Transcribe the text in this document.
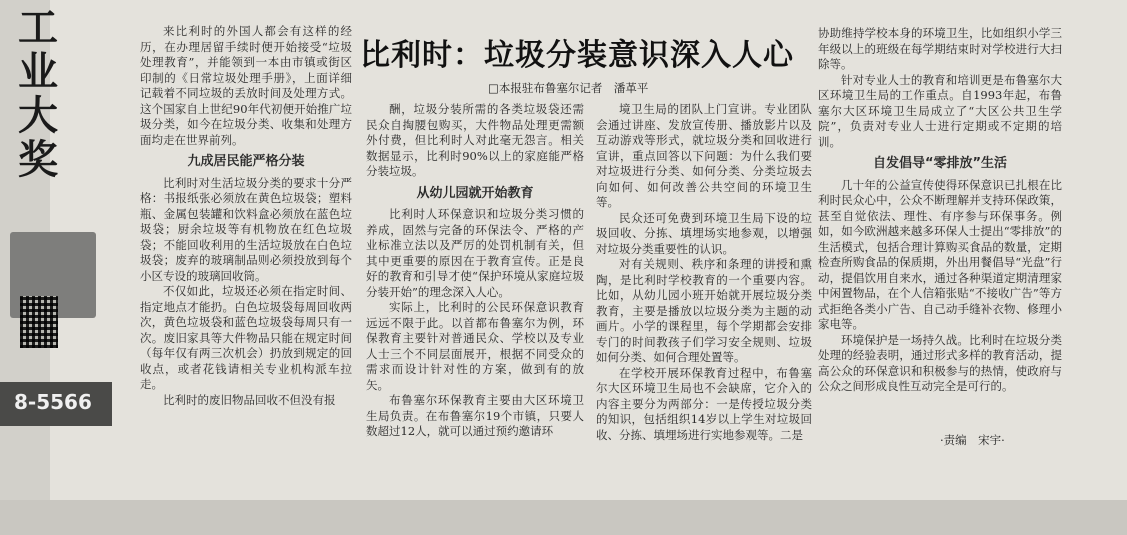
工业大奖
8-5566
比利时：垃圾分装意识深入人心
□本报驻布鲁塞尔记者　潘革平

来比利时的外国人都会有这样的经历，在办理居留手续时便开始接受“垃圾处理教育”，并能领到一本由市镇或街区印制的《日常垃圾处理手册》，上面详细记载着不同垃圾的丢放时间及处理方式。这个国家自上世纪90年代初便开始推广垃圾分类，如今在垃圾分类、收集和处理方面均走在世界前列。

九成居民能严格分装

比利时对生活垃圾分类的要求十分严格：书报纸张必须放在黄色垃圾袋；塑料瓶、金属包装罐和饮料盒必须放在蓝色垃圾袋；厨余垃圾等有机物放在红色垃圾袋；不能回收利用的生活垃圾放在白色垃圾袋；废弃的玻璃制品则必须投放到每个小区专设的玻璃回收筒。

不仅如此，垃圾还必须在指定时间、指定地点才能扔。白色垃圾袋每周回收两次，黄色垃圾袋和蓝色垃圾袋每周只有一次。废旧家具等大件物品只能在规定时间（每年仅有两三次机会）扔放到规定的回收点，或者花钱请相关专业机构派车拉走。

比利时的废旧物品回收不但没有报

酬，垃圾分装所需的各类垃圾袋还需民众自掏腰包购买，大件物品处理更需额外付费，但比利时人对此毫无怨言。相关数据显示，比利时90%以上的家庭能严格分装垃圾。

从幼儿园就开始教育

比利时人环保意识和垃圾分类习惯的养成，固然与完备的环保法令、严格的产业标准立法以及严厉的处罚机制有关，但其中更重要的原因在于教育宣传。正是良好的教育和引导才使“保护环境从家庭垃圾分装开始”的理念深入人心。

实际上，比利时的公民环保意识教育远远不限于此。以首都布鲁塞尔为例，环保教育主要针对普通民众、学校以及专业人士三个不同层面展开，根据不同受众的需求而设计针对性的方案，做到有的放矢。

布鲁塞尔环保教育主要由大区环境卫生局负责。在布鲁塞尔19个市镇，只要人数超过12人，就可以通过预约邀请环

境卫生局的团队上门宣讲。专业团队会通过讲座、发放宣传册、播放影片以及互动游戏等形式，就垃圾分类和回收进行宣讲，重点回答以下问题：为什么我们要对垃圾进行分类、如何分类、分类垃圾去向如何、如何改善公共空间的环境卫生等。

民众还可免费到环境卫生局下设的垃圾回收、分拣、填埋场实地参观，以增强对垃圾分类重要性的认识。

对有关规则、秩序和条理的讲授和熏陶，是比利时学校教育的一个重要内容。比如，从幼儿园小班开始就开展垃圾分类教育，主要是播放以垃圾分类为主题的动画片。小学的课程里，每个学期都会安排专门的时间教孩子们学习安全规则、垃圾如何分类、如何合理处置等。

在学校开展环保教育过程中，布鲁塞尔大区环境卫生局也不会缺席，它介入的内容主要分为两部分：一是传授垃圾分类的知识，包括组织14岁以上学生对垃圾回收、分拣、填埋场进行实地参观等。二是

协助维持学校本身的环境卫生，比如组织小学三年级以上的班级在每学期结束时对学校进行大扫除等。

针对专业人士的教育和培训更是布鲁塞尔大区环境卫生局的工作重点。自1993年起，布鲁塞尔大区环境卫生局成立了“大区公共卫生学院”，负责对专业人士进行定期或不定期的培训。

自发倡导“零排放”生活

几十年的公益宣传使得环保意识已扎根在比利时民众心中，公众不断理解并支持环保政策，甚至自觉依法、理性、有序参与环保事务。例如，如今欧洲越来越多环保人士提出“零排放”的生活模式，包括合理计算购买食品的数量，定期检查所购食品的保质期，外出用餐倡导“光盘”行动，提倡饮用自来水，通过各种渠道定期清理家中闲置物品，在个人信箱张贴“不接收广告”等方式拒绝各类小广告、自己动手缝补衣物、修理小家电等。

环境保护是一场持久战。比利时在垃圾分类处理的经验表明，通过形式多样的教育活动，提高公众的环保意识和积极参与的热情，使政府与公众之间形成良性互动完全是可行的。

·责编　宋宇·
